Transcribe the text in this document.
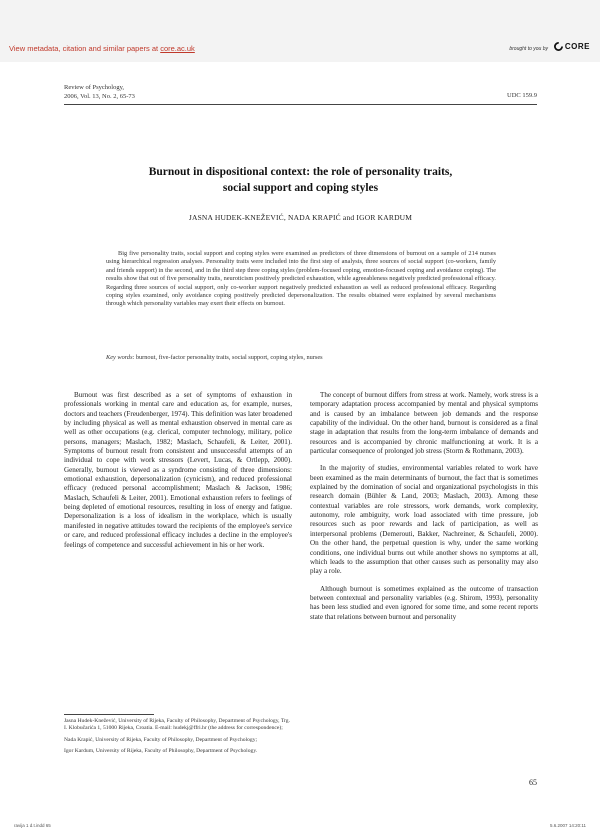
View metadata, citation and similar papers at core.ac.uk	brought to you by CORE
Review of Psychology,
2006, Vol. 13, No. 2, 65-73	UDC 159.9
Burnout in dispositional context: the role of personality traits,
social support and coping styles
JASNA HUDEK-KNEŽEVIĆ, NADA KRAPIĆ and IGOR KARDUM

Big five personality traits, social support and coping styles were examined as predictors of three dimensions of burnout on a sample of 214 nurses using hierarchical regression analyses. Personality traits were included into the first step of analysis, three sources of social support (co-workers, family and friends support) in the second, and in the third step three coping styles (problem-focused coping, emotion-focused coping and avoidance coping). The results show that out of five personality traits, neuroticism positively predicted exhaustion, while agreeableness negatively predicted professional efficacy. Regarding three sources of social support, only co-worker support negatively predicted exhaustion as well as reduced professional efficacy. Regarding coping styles examined, only avoidance coping positively predicted depersonalization. The results obtained were explained by several mechanisms through which personality variables may exert their effects on burnout.

Key words: burnout, five-factor personality traits, social support, coping styles, nurses

Burnout was first described as a set of symptoms of exhaustion in professionals working in mental care and education as, for example, nurses, doctors and teachers (Freudenberger, 1974). This definition was later broadened by including physical as well as mental exhaustion observed in mental care as well as other occupations (e.g. clerical, computer technology, military, police persons, managers; Maslach, 1982; Maslach, Schaufeli, & Leiter, 2001). Symptoms of burnout result from consistent and unsuccessful attempts of an individual to cope with work stressors (Levert, Lucas, & Ortlepp, 2000). Generally, burnout is viewed as a syndrome consisting of three dimensions: emotional exhaustion, depersonalization (cynicism), and reduced professional efficacy (reduced personal accomplishment; Maslach & Jackson, 1986; Maslach, Schaufeli & Leiter, 2001). Emotional exhaustion refers to feelings of being depleted of emotional resources, resulting in loss of energy and fatigue. Depersonalization is a loss of idealism in the workplace, which is usually manifested in negative attitudes toward the recipients of the employee's service or care, and reduced professional efficacy includes a decline in the employee's feelings of competence and successful achievement in his or her work.

The concept of burnout differs from stress at work. Namely, work stress is a temporary adaptation process accompanied by mental and physical symptoms and is caused by an imbalance between job demands and the response capability of the individual. On the other hand, burnout is considered as a final stage in adaptation that results from the long-term imbalance of demands and resources and is accompanied by chronic malfunctioning at work. It is a particular consequence of prolonged job stress (Storm & Rothmann, 2003).

In the majority of studies, environmental variables related to work have been examined as the main determinants of burnout, the fact that is sometimes explained by the domination of social and organizational psychologists in this research domain (Bühler & Land, 2003; Maslach, 2003). Among these contextual variables are role stressors, work demands, work complexity, autonomy, role ambiguity, work load associated with time pressure, job resources such as poor rewards and lack of participation, as well as interpersonal problems (Demerouti, Bakker, Nachreiner, & Schaufeli, 2000). On the other hand, the perpetual question is why, under the same working conditions, one individual burns out while another shows no symptoms at all, which leads to the assumption that other causes such as personality may also play a role.

Although burnout is sometimes explained as the outcome of transaction between contextual and personality variables (e.g. Shirom, 1993), personality has been less studied and even ignored for some time, and some recent reports state that relations between burnout and personality

Jasna Hudek-Knežević, University of Rijeka, Faculty of Philosophy, Department of Psychology, Trg. I. Klobučarića 1, 51000 Rijeka, Croatia. E-mail: hudekj@ffri.hr (the address for correspondence);

Nada Krapić, University of Rijeka, Faculty of Philosophy, Department of Psychology;

Igor Kardum, University of Rijeka, Faculty of Philosophy, Department of Psychology.

65
ravija 1 d.t.indd 65	5.6.2007 14:20:11
